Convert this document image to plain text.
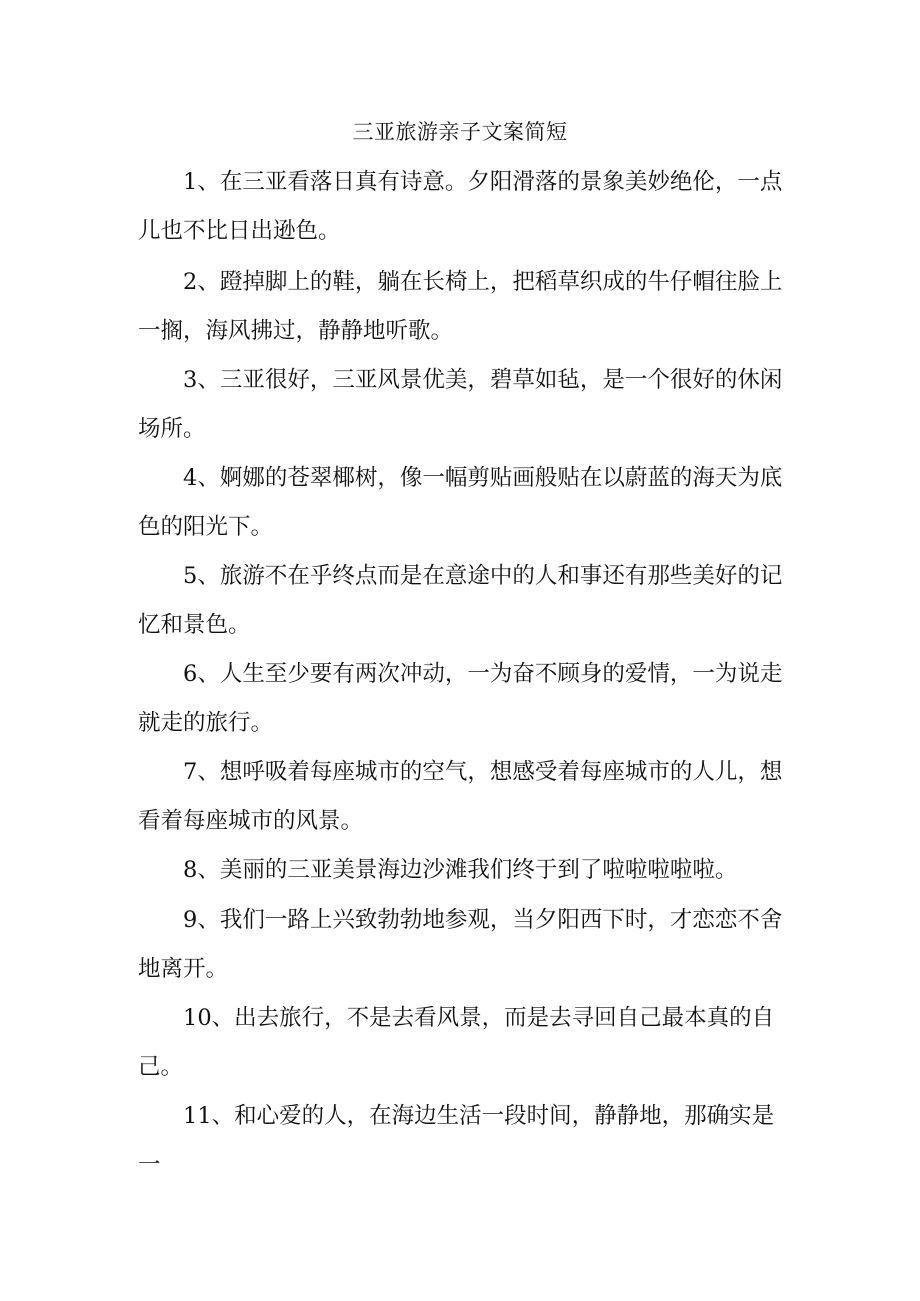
三亚旅游亲子文案简短

1、在三亚看落日真有诗意。夕阳滑落的景象美妙绝伦，一点儿也不比日出逊色。

2、蹬掉脚上的鞋，躺在长椅上，把稻草织成的牛仔帽往脸上一搁，海风拂过，静静地听歌。

3、三亚很好，三亚风景优美，碧草如毡，是一个很好的休闲场所。

4、婀娜的苍翠椰树，像一幅剪贴画般贴在以蔚蓝的海天为底色的阳光下。

5、旅游不在乎终点而是在意途中的人和事还有那些美好的记忆和景色。

6、人生至少要有两次冲动，一为奋不顾身的爱情，一为说走就走的旅行。

7、想呼吸着每座城市的空气，想感受着每座城市的人儿，想看着每座城市的风景。

8、美丽的三亚美景海边沙滩我们终于到了啦啦啦啦啦。

9、我们一路上兴致勃勃地参观，当夕阳西下时，才恋恋不舍地离开。

10、出去旅行，不是去看风景，而是去寻回自己最本真的自己。

11、和心爱的人，在海边生活一段时间，静静地，那确实是一
